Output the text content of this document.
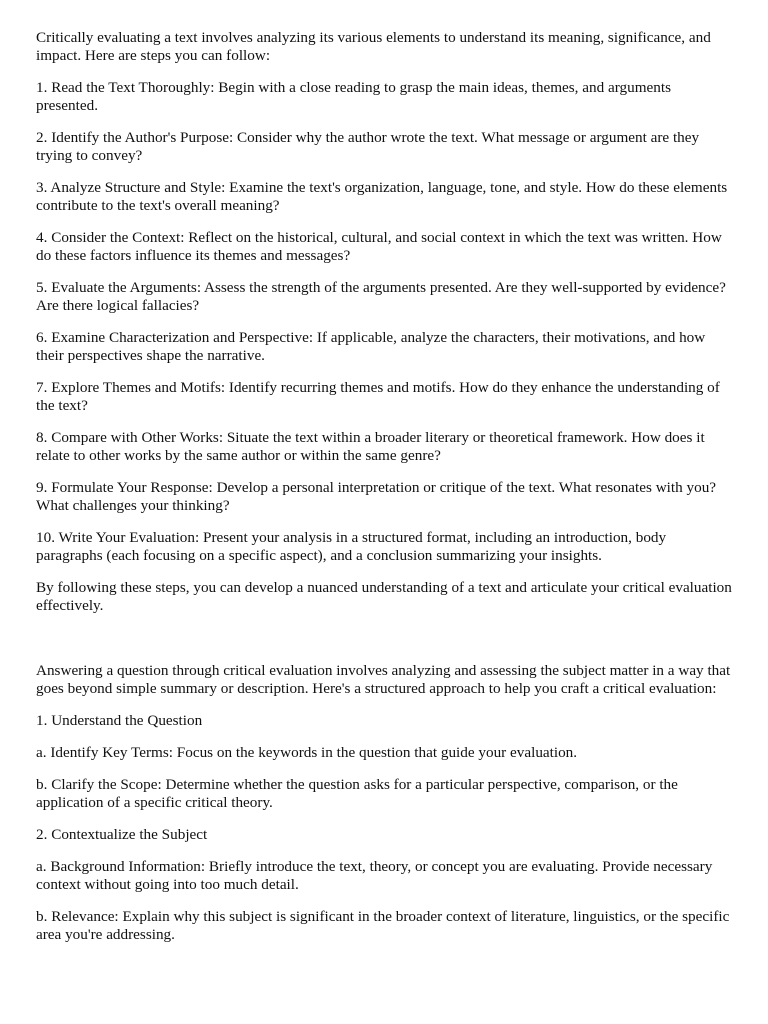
Critically evaluating a text involves analyzing its various elements to understand its meaning, significance, and impact. Here are steps you can follow:

1. Read the Text Thoroughly: Begin with a close reading to grasp the main ideas, themes, and arguments presented.

2. Identify the Author's Purpose: Consider why the author wrote the text. What message or argument are they trying to convey?

3. Analyze Structure and Style: Examine the text's organization, language, tone, and style. How do these elements contribute to the text's overall meaning?

4. Consider the Context: Reflect on the historical, cultural, and social context in which the text was written. How do these factors influence its themes and messages?

5. Evaluate the Arguments: Assess the strength of the arguments presented. Are they well-supported by evidence? Are there logical fallacies?

6. Examine Characterization and Perspective: If applicable, analyze the characters, their motivations, and how their perspectives shape the narrative.

7. Explore Themes and Motifs: Identify recurring themes and motifs. How do they enhance the understanding of the text?

8. Compare with Other Works: Situate the text within a broader literary or theoretical framework. How does it relate to other works by the same author or within the same genre?

9. Formulate Your Response: Develop a personal interpretation or critique of the text. What resonates with you? What challenges your thinking?

10. Write Your Evaluation: Present your analysis in a structured format, including an introduction, body paragraphs (each focusing on a specific aspect), and a conclusion summarizing your insights.

By following these steps, you can develop a nuanced understanding of a text and articulate your critical evaluation effectively.

Answering a question through critical evaluation involves analyzing and assessing the subject matter in a way that goes beyond simple summary or description. Here's a structured approach to help you craft a critical evaluation:

1. Understand the Question

a. Identify Key Terms: Focus on the keywords in the question that guide your evaluation.

b. Clarify the Scope: Determine whether the question asks for a particular perspective, comparison, or the application of a specific critical theory.

2. Contextualize the Subject

a. Background Information: Briefly introduce the text, theory, or concept you are evaluating. Provide necessary context without going into too much detail.

b. Relevance: Explain why this subject is significant in the broader context of literature, linguistics, or the specific area you're addressing.
